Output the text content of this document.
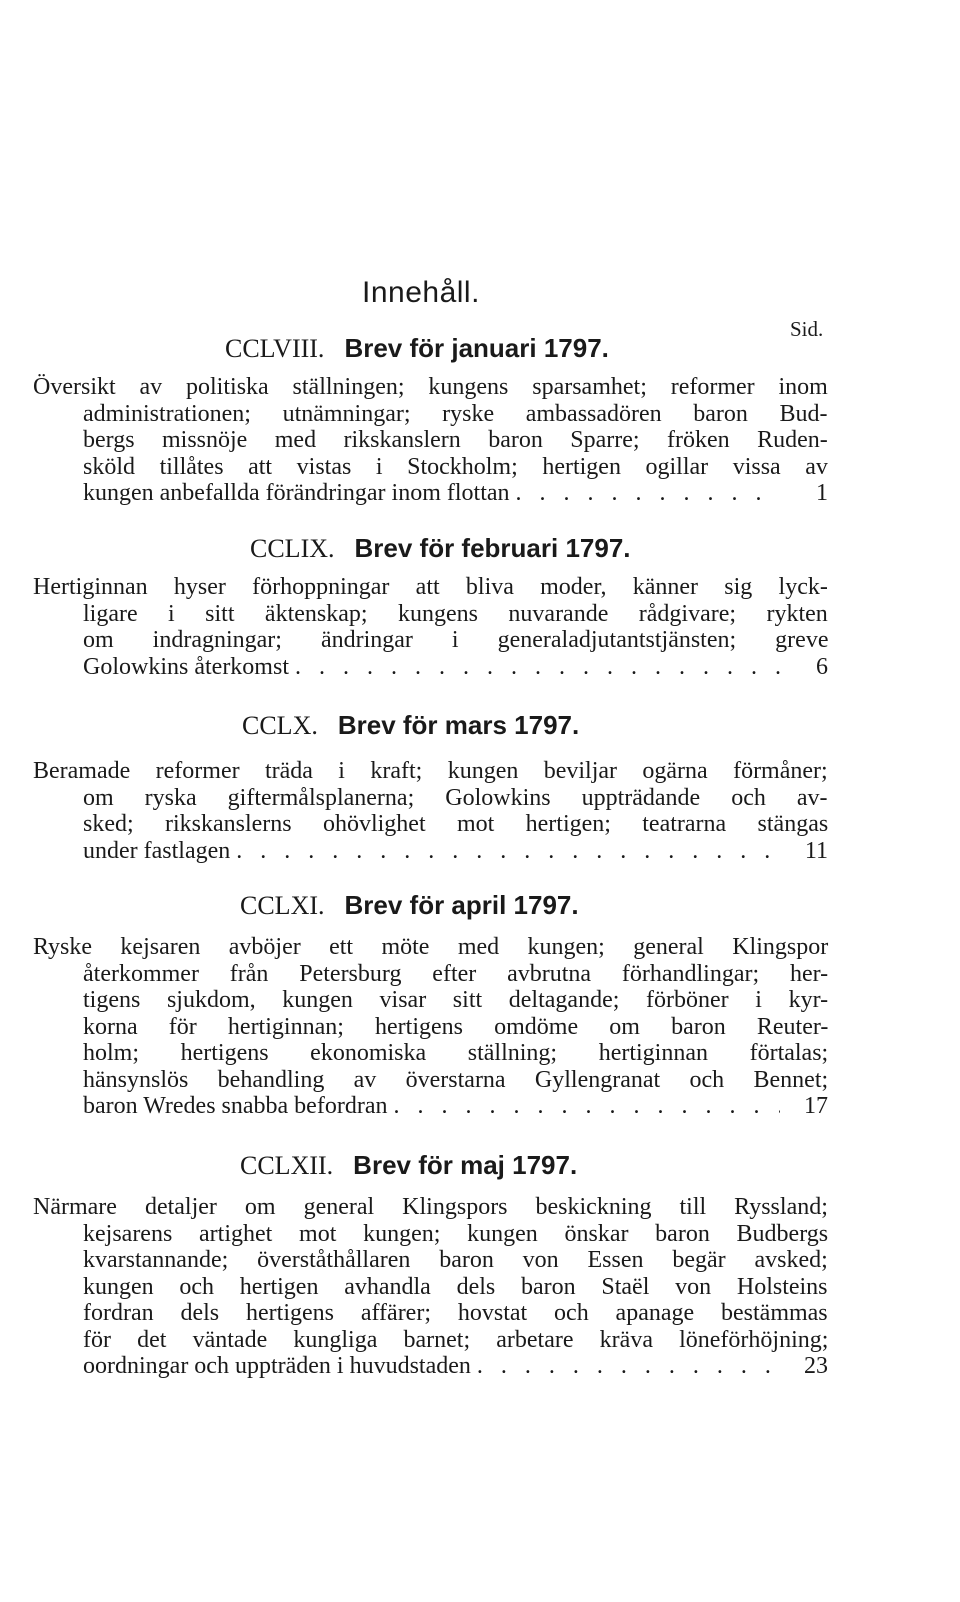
Innehåll.
Sid.
CCLVIII. Brev för januari 1797.
Översikt av politiska ställningen; kungens sparsamhet; reformer inom
administrationen; utnämningar; ryske ambassadören baron Bud-
bergs missnöje med rikskanslern baron Sparre; fröken Ruden-
sköld tillåtes att vistas i Stockholm; hertigen ogillar vissa av
kungen anbefallda förändringar inom flottan . . .	1
CCLIX. Brev för februari 1797.
Hertiginnan hyser förhoppningar att bliva moder, känner sig lyck-
ligare i sitt äktenskap; kungens nuvarande rådgivare; rykten
om indragningar; ändringar i generaladjutantstjänsten; greve
Golowkins återkomst . . .	6
CCLX. Brev för mars 1797.
Beramade reformer träda i kraft; kungen beviljar ogärna förmåner;
om ryska giftermålsplanerna; Golowkins uppträdande och av-
sked; rikskanslerns ohövlighet mot hertigen; teatrarna stängas
under fastlagen . . .	11
CCLXI. Brev för april 1797.
Ryske kejsaren avböjer ett möte med kungen; general Klingspor
återkommer från Petersburg efter avbrutna förhandlingar; her-
tigens sjukdom, kungen visar sitt deltagande; förböner i kyr-
korna för hertiginnan; hertigens omdöme om baron Reuter-
holm; hertigens ekonomiska ställning; hertiginnan förtalas;
hänsynslös behandling av överstarna Gyllengranat och Bennet;
baron Wredes snabba befordran . . .	17
CCLXII. Brev för maj 1797.
Närmare detaljer om general Klingspors beskickning till Ryssland;
kejsarens artighet mot kungen; kungen önskar baron Budbergs
kvarstannande; överståthållaren baron von Essen begär avsked;
kungen och hertigen avhandla dels baron Staël von Holsteins
fordran dels hertigens affärer; hovstat och apanage bestämmas
för det väntade kungliga barnet; arbetare kräva löneförhöjning;
oordningar och uppträden i huvudstaden . . .	23
